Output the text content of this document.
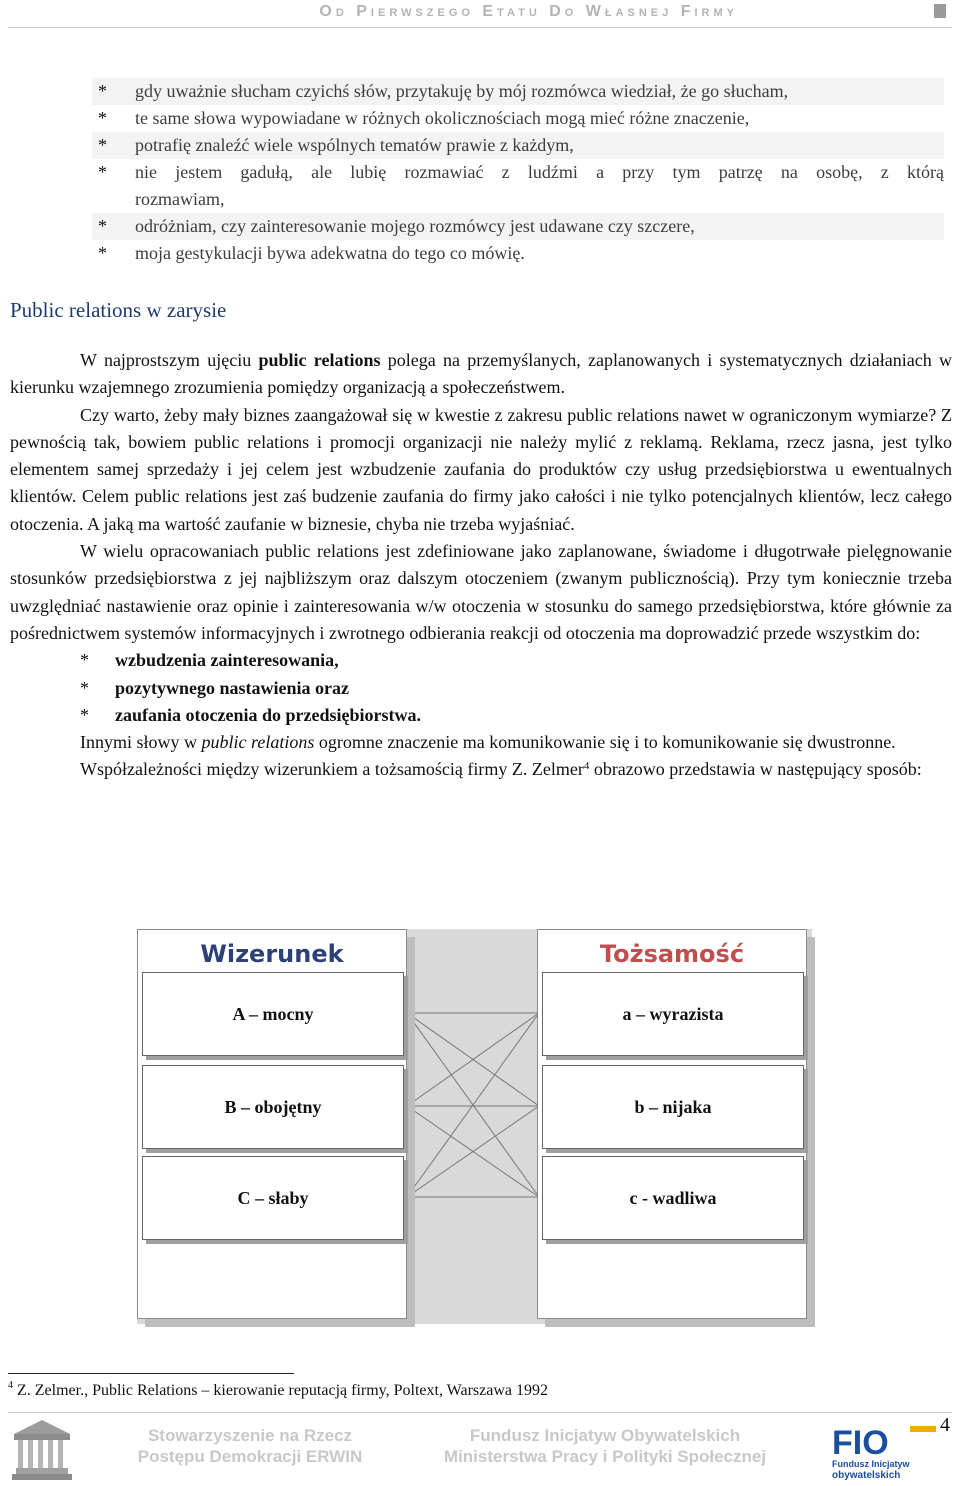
Od Pierwszego Etatu Do Własnej Firmy
*	gdy uważnie słucham czyichś słów, przytakuję by mój rozmówca wiedział, że go słucham,
*	te same słowa wypowiadane w różnych okolicznościach mogą mieć różne znaczenie,
*	potrafię znaleźć wiele wspólnych tematów prawie z każdym,
*	nie jestem gadułą, ale lubię rozmawiać z ludźmi a przy tym patrzę na osobę, z którą
rozmawiam,
*	odróżniam, czy zainteresowanie mojego rozmówcy jest udawane czy szczere,
*	moja gestykulacji bywa adekwatna do tego co mówię.
Public relations w zarysie

W najprostszym ujęciu public relations polega na przemyślanych, zaplanowanych i systematycznych działaniach w kierunku wzajemnego zrozumienia pomiędzy organizacją a społeczeństwem.

Czy warto, żeby mały biznes zaangażował się w kwestie z zakresu public relations nawet w ograniczonym wymiarze? Z pewnością tak, bowiem public relations i promocji organizacji nie należy mylić z reklamą. Reklama, rzecz jasna, jest tylko elementem samej sprzedaży i jej celem jest wzbudzenie zaufania do produktów czy usług przedsiębiorstwa u ewentualnych klientów. Celem public relations jest zaś budzenie zaufania do firmy jako całości i nie tylko potencjalnych klientów, lecz całego otoczenia. A jaką ma wartość zaufanie w biznesie, chyba nie trzeba wyjaśniać.

W wielu opracowaniach public relations jest zdefiniowane jako zaplanowane, świadome i długotrwałe pielęgnowanie stosunków przedsiębiorstwa z jej najbliższym oraz dalszym otoczeniem (zwanym publicznością). Przy tym koniecznie trzeba uwzględniać nastawienie oraz opinie i zainteresowania w/w otoczenia w stosunku do samego przedsiębiorstwa, które głównie za pośrednictwem systemów informacyjnych i zwrotnego odbierania reakcji od otoczenia ma doprowadzić przede wszystkim do:

* wzbudzenia zainteresowania,
* pozytywnego nastawienia oraz
* zaufania otoczenia do przedsiębiorstwa.

Innymi słowy w public relations ogromne znaczenie ma komunikowanie się i to komunikowanie się dwustronne.

Współzależności między wizerunkiem a tożsamością firmy Z. Zelmer$^4$ obrazowo przedstawia w następujący sposób:

Wizerunek
A – mocny
B – obojętny
C – słaby
Tożsamość
a – wyrazista
b – nijaka
c - wadliwa
$^4$ Z. Zelmer., Public Relations – kierowanie reputacją firmy, Poltext, Warszawa 1992
Stowarzyszenie na Rzecz
Postępu Demokracji ERWIN
Fundusz Inicjatyw Obywatelskich
Ministerstwa Pracy i Polityki Społecznej
4
FIO
Fundusz Inicjatyw
obywatelskich
